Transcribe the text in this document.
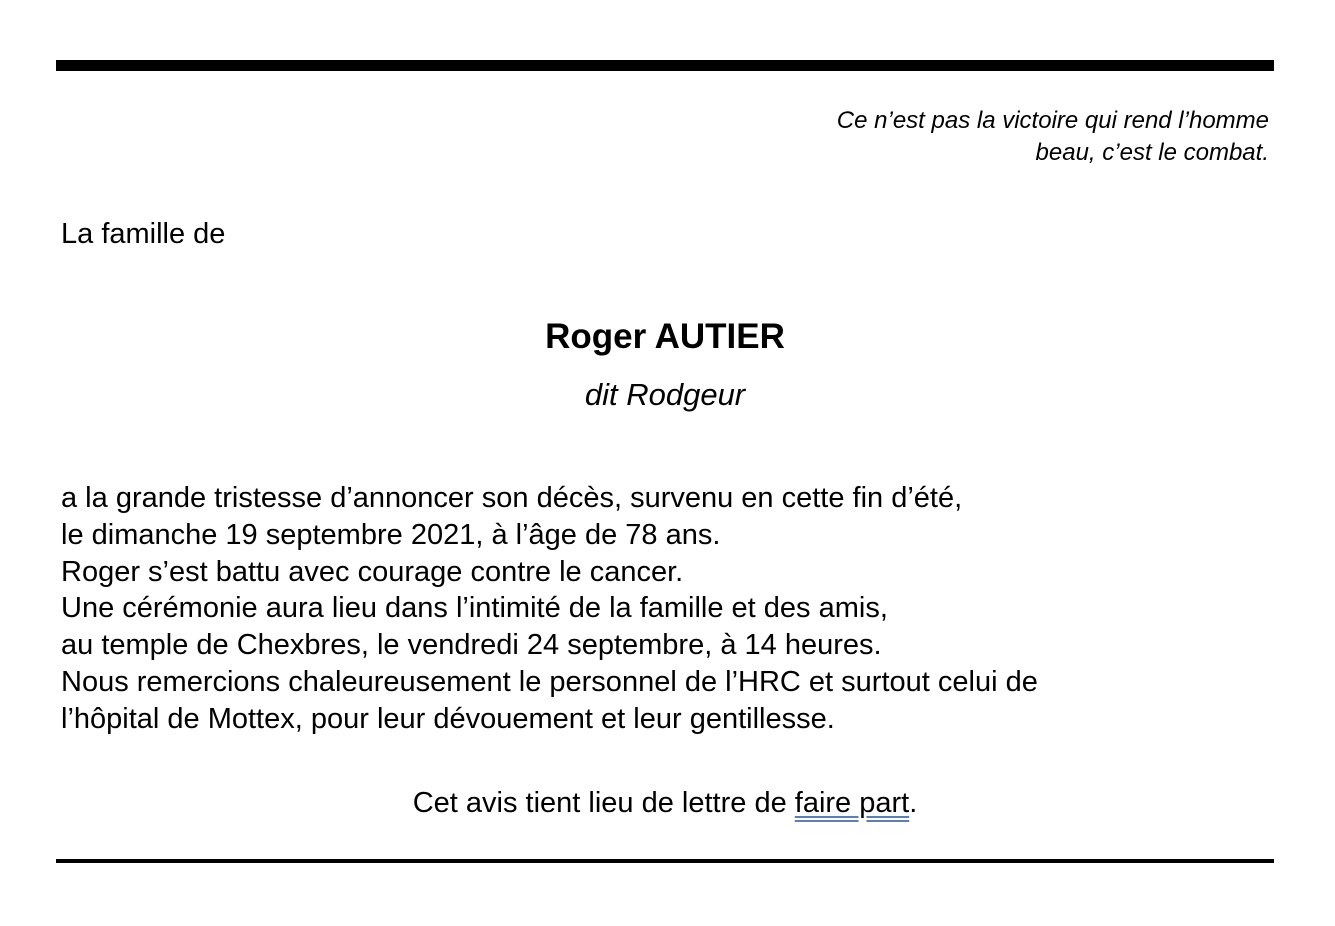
Ce n’est pas la victoire qui rend l’homme
beau, c’est le combat.
La famille de
Roger AUTIER
dit Rodgeur
a la grande tristesse d’annoncer son décès, survenu en cette fin d’été,
le dimanche 19 septembre 2021, à l’âge de 78 ans.
Roger s’est battu avec courage contre le cancer.
Une cérémonie aura lieu dans l’intimité de la famille et des amis,
au temple de Chexbres, le vendredi 24 septembre, à 14 heures.
Nous remercions chaleureusement le personnel de l’HRC et surtout celui de
l’hôpital de Mottex, pour leur dévouement et leur gentillesse.
Cet avis tient lieu de lettre de faire part.
